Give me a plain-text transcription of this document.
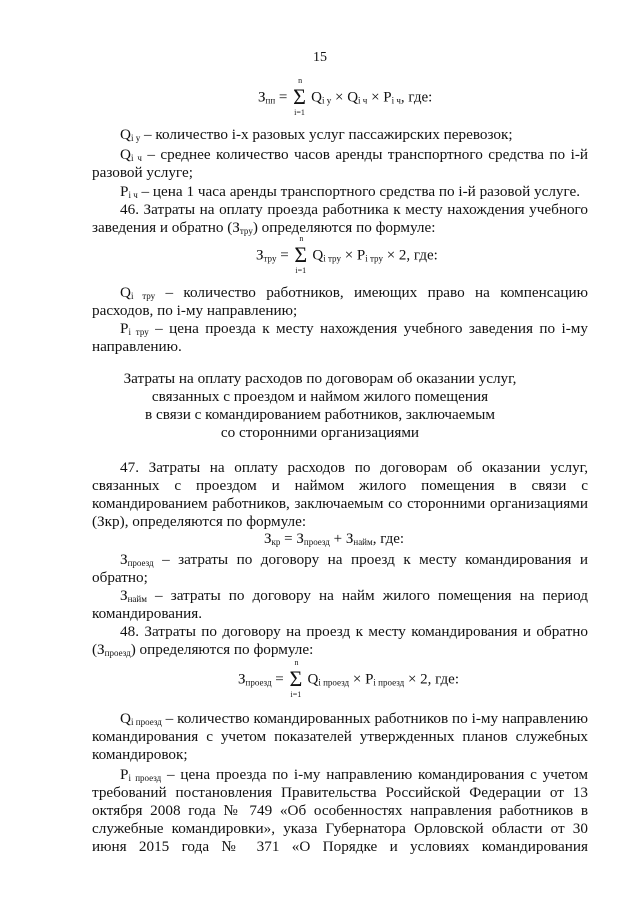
15
$З_{пп} = \Sigma$
n
i=1
$Q_{i у} \times Q_{i ч} \times P_{i ч}$, где:
$Q_{i у}$ – количество i-х разовых услуг пассажирских перевозок;
$Q_{i ч}$ – среднее количество часов аренды транспортного средства по i-й
разовой услуге;
$P_{i ч}$ – цена 1 часа аренды транспортного средства по i-й разовой услуге.
46. Затраты на оплату проезда работника к месту нахождения учебного
заведения и обратно $(З_{тру})$ определяются по формуле:
$З_{тру} = \Sigma$
n
i=1
$Q_{i тру} \times P_{i тру} \times 2$, где:
$Q_{i тру}$ – количество работников, имеющих право на компенсацию
расходов, по i-му направлению;
$P_{i тру}$ – цена проезда к месту нахождения учебного заведения по i-му
направлению.
Затраты на оплату расходов по договорам об оказании услуг,
связанных с проездом и наймом жилого помещения
в связи с командированием работников, заключаемым
со сторонними организациями
47. Затраты на оплату расходов по договорам об оказании услуг,
связанных с проездом и наймом жилого помещения в связи с
командированием работников, заключаемым со сторонними организациями
(Зкр), определяются по формуле:
$З_{кр} = З_{проезд} + З_{найм}$, где:
$З_{проезд}$ – затраты по договору на проезд к месту командирования и
обратно;
$З_{найм}$ – затраты по договору на найм жилого помещения на период
командирования.
48. Затраты по договору на проезд к месту командирования и обратно
$(З_{проезд})$ определяются по формуле:
$З_{проезд} = \Sigma$
n
i=1
$Q_{i проезд} \times P_{i проезд} \times 2$, где:
$Q_{i проезд}$ – количество командированных работников по i-му направлению
командирования с учетом показателей утвержденных планов служебных
командировок;
$P_{i проезд}$ – цена проезда по i-му направлению командирования с учетом
требований постановления Правительства Российской Федерации от 13
октября 2008 года № 749 «Об особенностях направления работников в
служебные командировки», указа Губернатора Орловской области от 30
июня 2015 года № 371 «О Порядке и условиях командирования
